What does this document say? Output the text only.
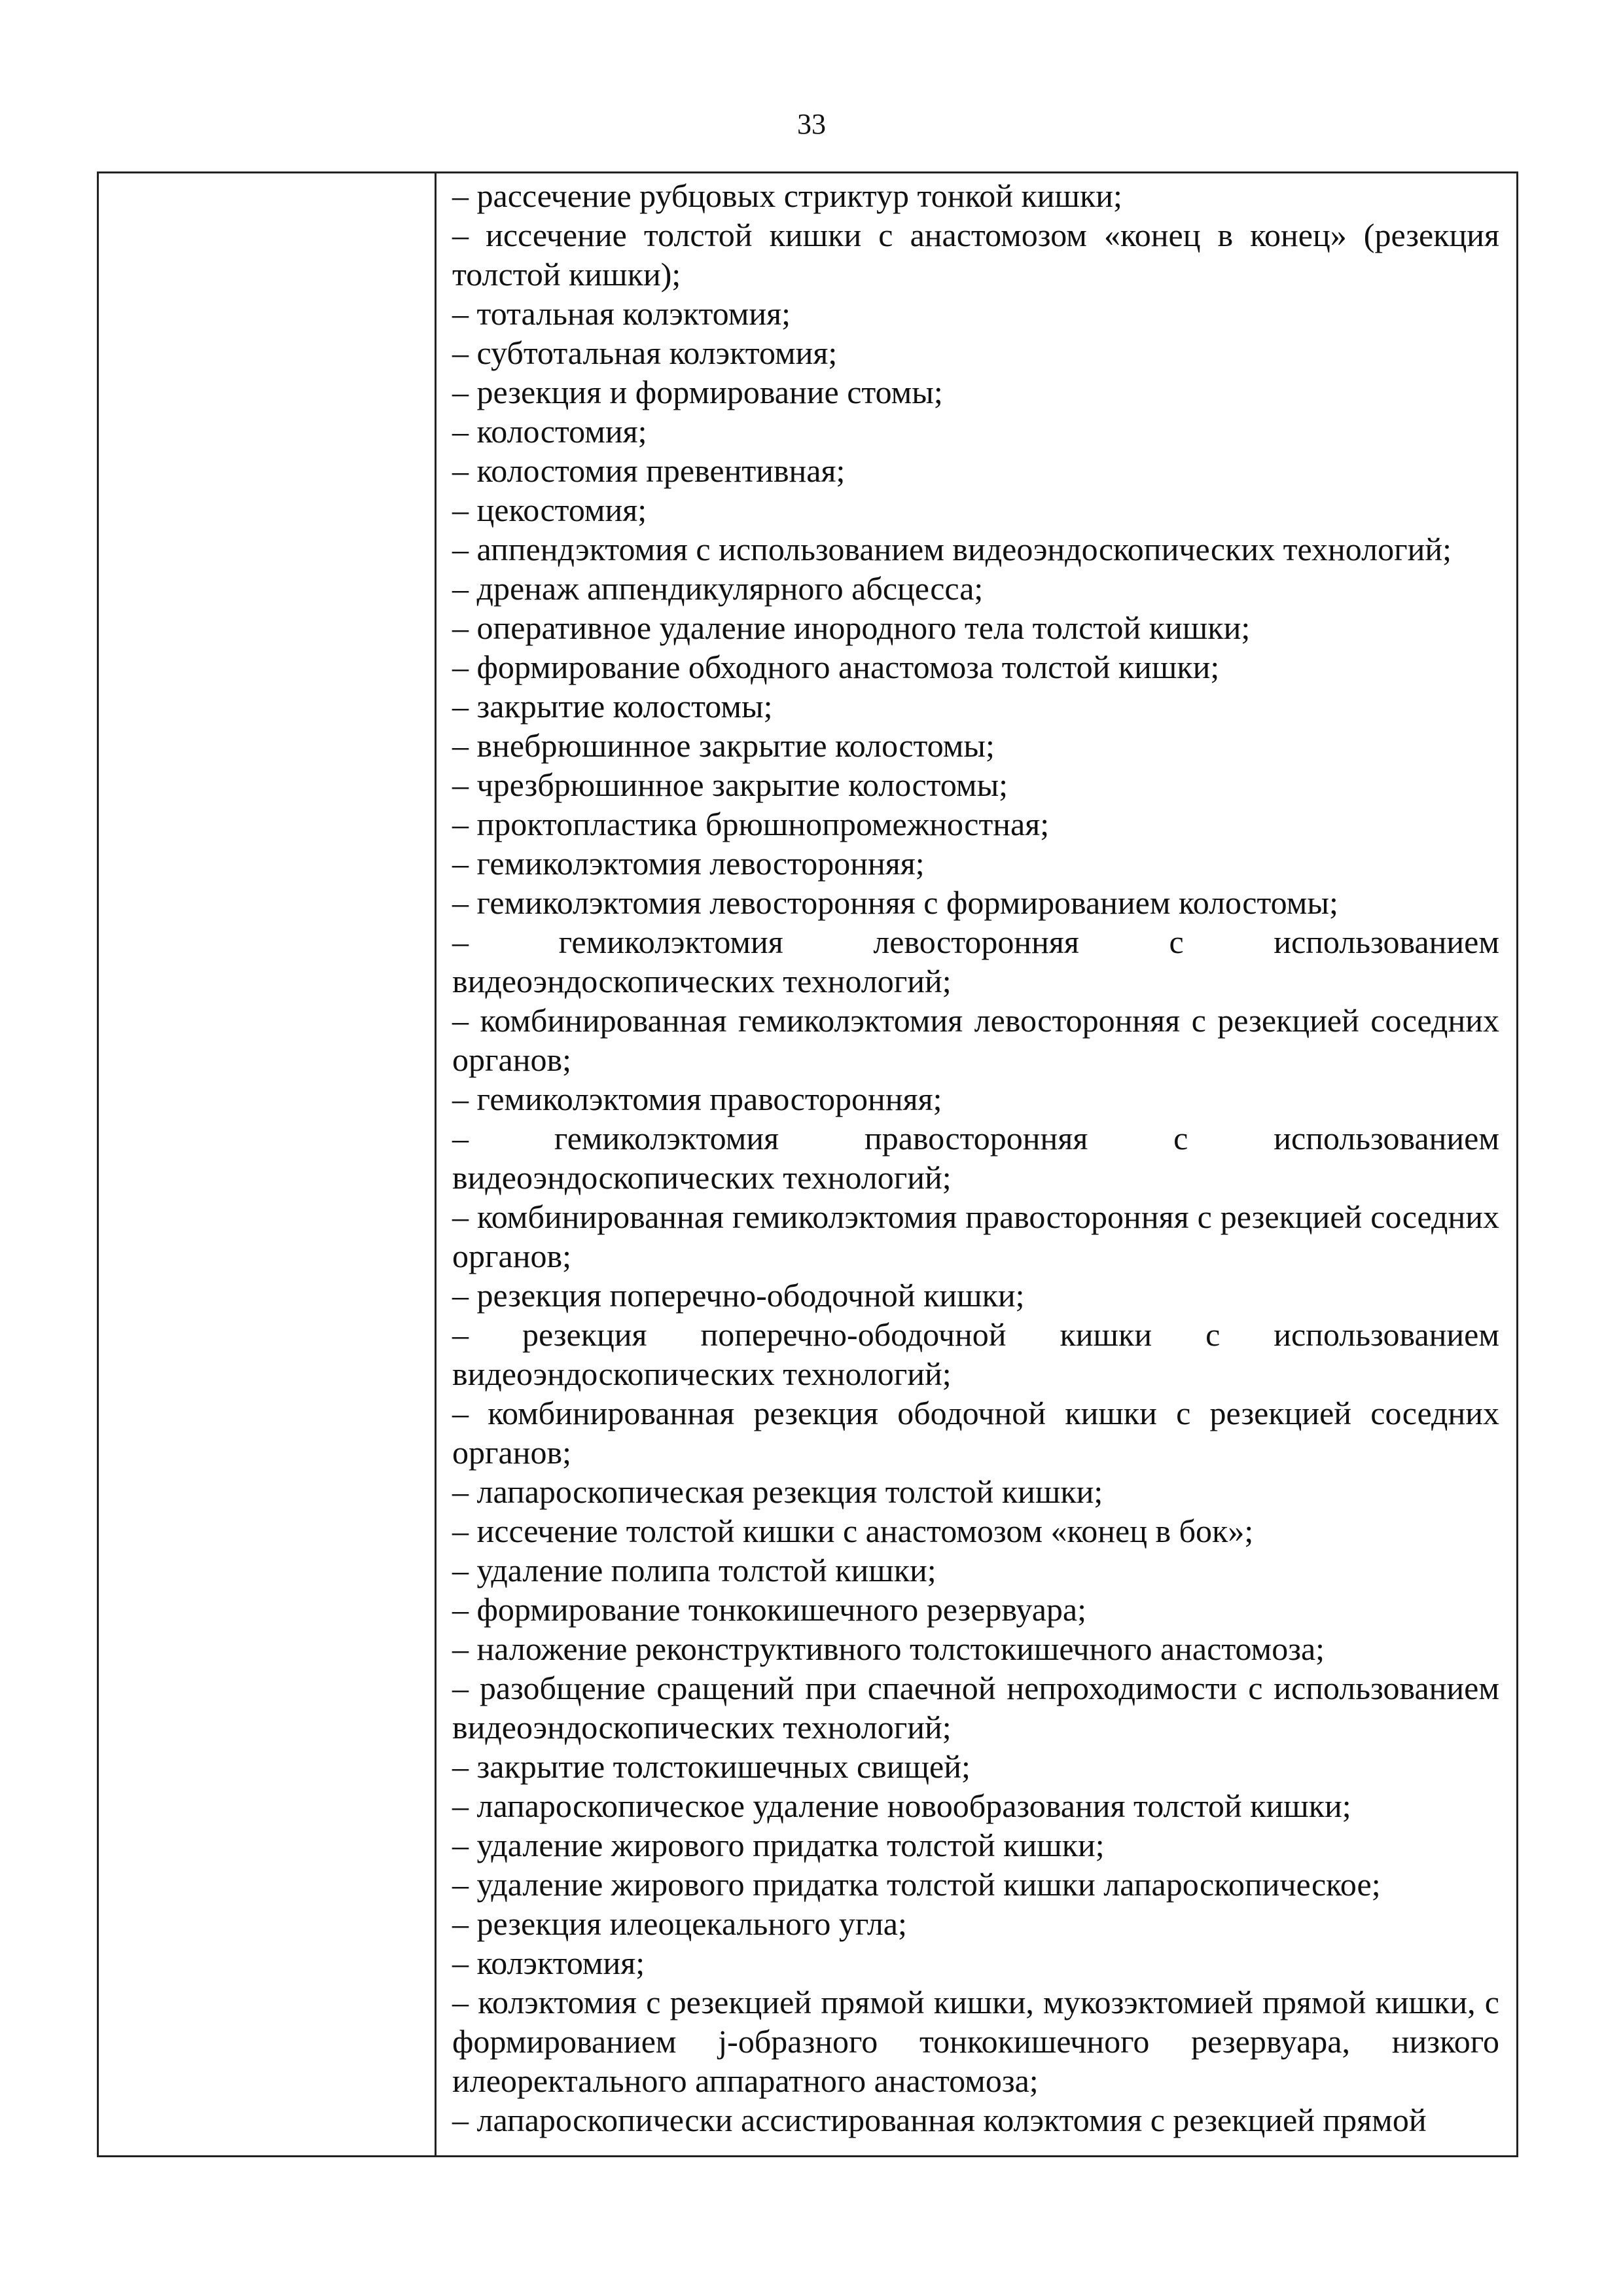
33
– рассечение рубцовых стриктур тонкой кишки;
– иссечение толстой кишки с анастомозом «конец в конец» (резекция толстой кишки);
– тотальная колэктомия;
– субтотальная колэктомия;
– резекция и формирование стомы;
– колостомия;
– колостомия превентивная;
– цекостомия;
– аппендэктомия с использованием видеоэндоскопических технологий;
– дренаж аппендикулярного абсцесса;
– оперативное удаление инородного тела толстой кишки;
– формирование обходного анастомоза толстой кишки;
– закрытие колостомы;
– внебрюшинное закрытие колостомы;
– чрезбрюшинное закрытие колостомы;
– проктопластика брюшнопромежностная;
– гемиколэктомия левосторонняя;
– гемиколэктомия левосторонняя с формированием колостомы;
– гемиколэктомия левосторонняя с использованием видеоэндоскопических технологий;
– комбинированная гемиколэктомия левосторонняя с резекцией соседних органов;
– гемиколэктомия правосторонняя;
– гемиколэктомия правосторонняя с использованием видеоэндоскопических технологий;
– комбинированная гемиколэктомия правосторонняя с резекцией соседних органов;
– резекция поперечно-ободочной кишки;
– резекция поперечно-ободочной кишки с использованием видеоэндоскопических технологий;
– комбинированная резекция ободочной кишки с резекцией соседних органов;
– лапароскопическая резекция толстой кишки;
– иссечение толстой кишки с анастомозом «конец в бок»;
– удаление полипа толстой кишки;
– формирование тонкокишечного резервуара;
– наложение реконструктивного толстокишечного анастомоза;
– разобщение сращений при спаечной непроходимости с использованием видеоэндоскопических технологий;
– закрытие толстокишечных свищей;
– лапароскопическое удаление новообразования толстой кишки;
– удаление жирового придатка толстой кишки;
– удаление жирового придатка толстой кишки лапароскопическое;
– резекция илеоцекального угла;
– колэктомия;
– колэктомия с резекцией прямой кишки, мукозэктомией прямой кишки, с формированием j-образного тонкокишечного резервуара, низкого илеоректального аппаратного анастомоза;
– лапароскопически ассистированная колэктомия с резекцией прямой
